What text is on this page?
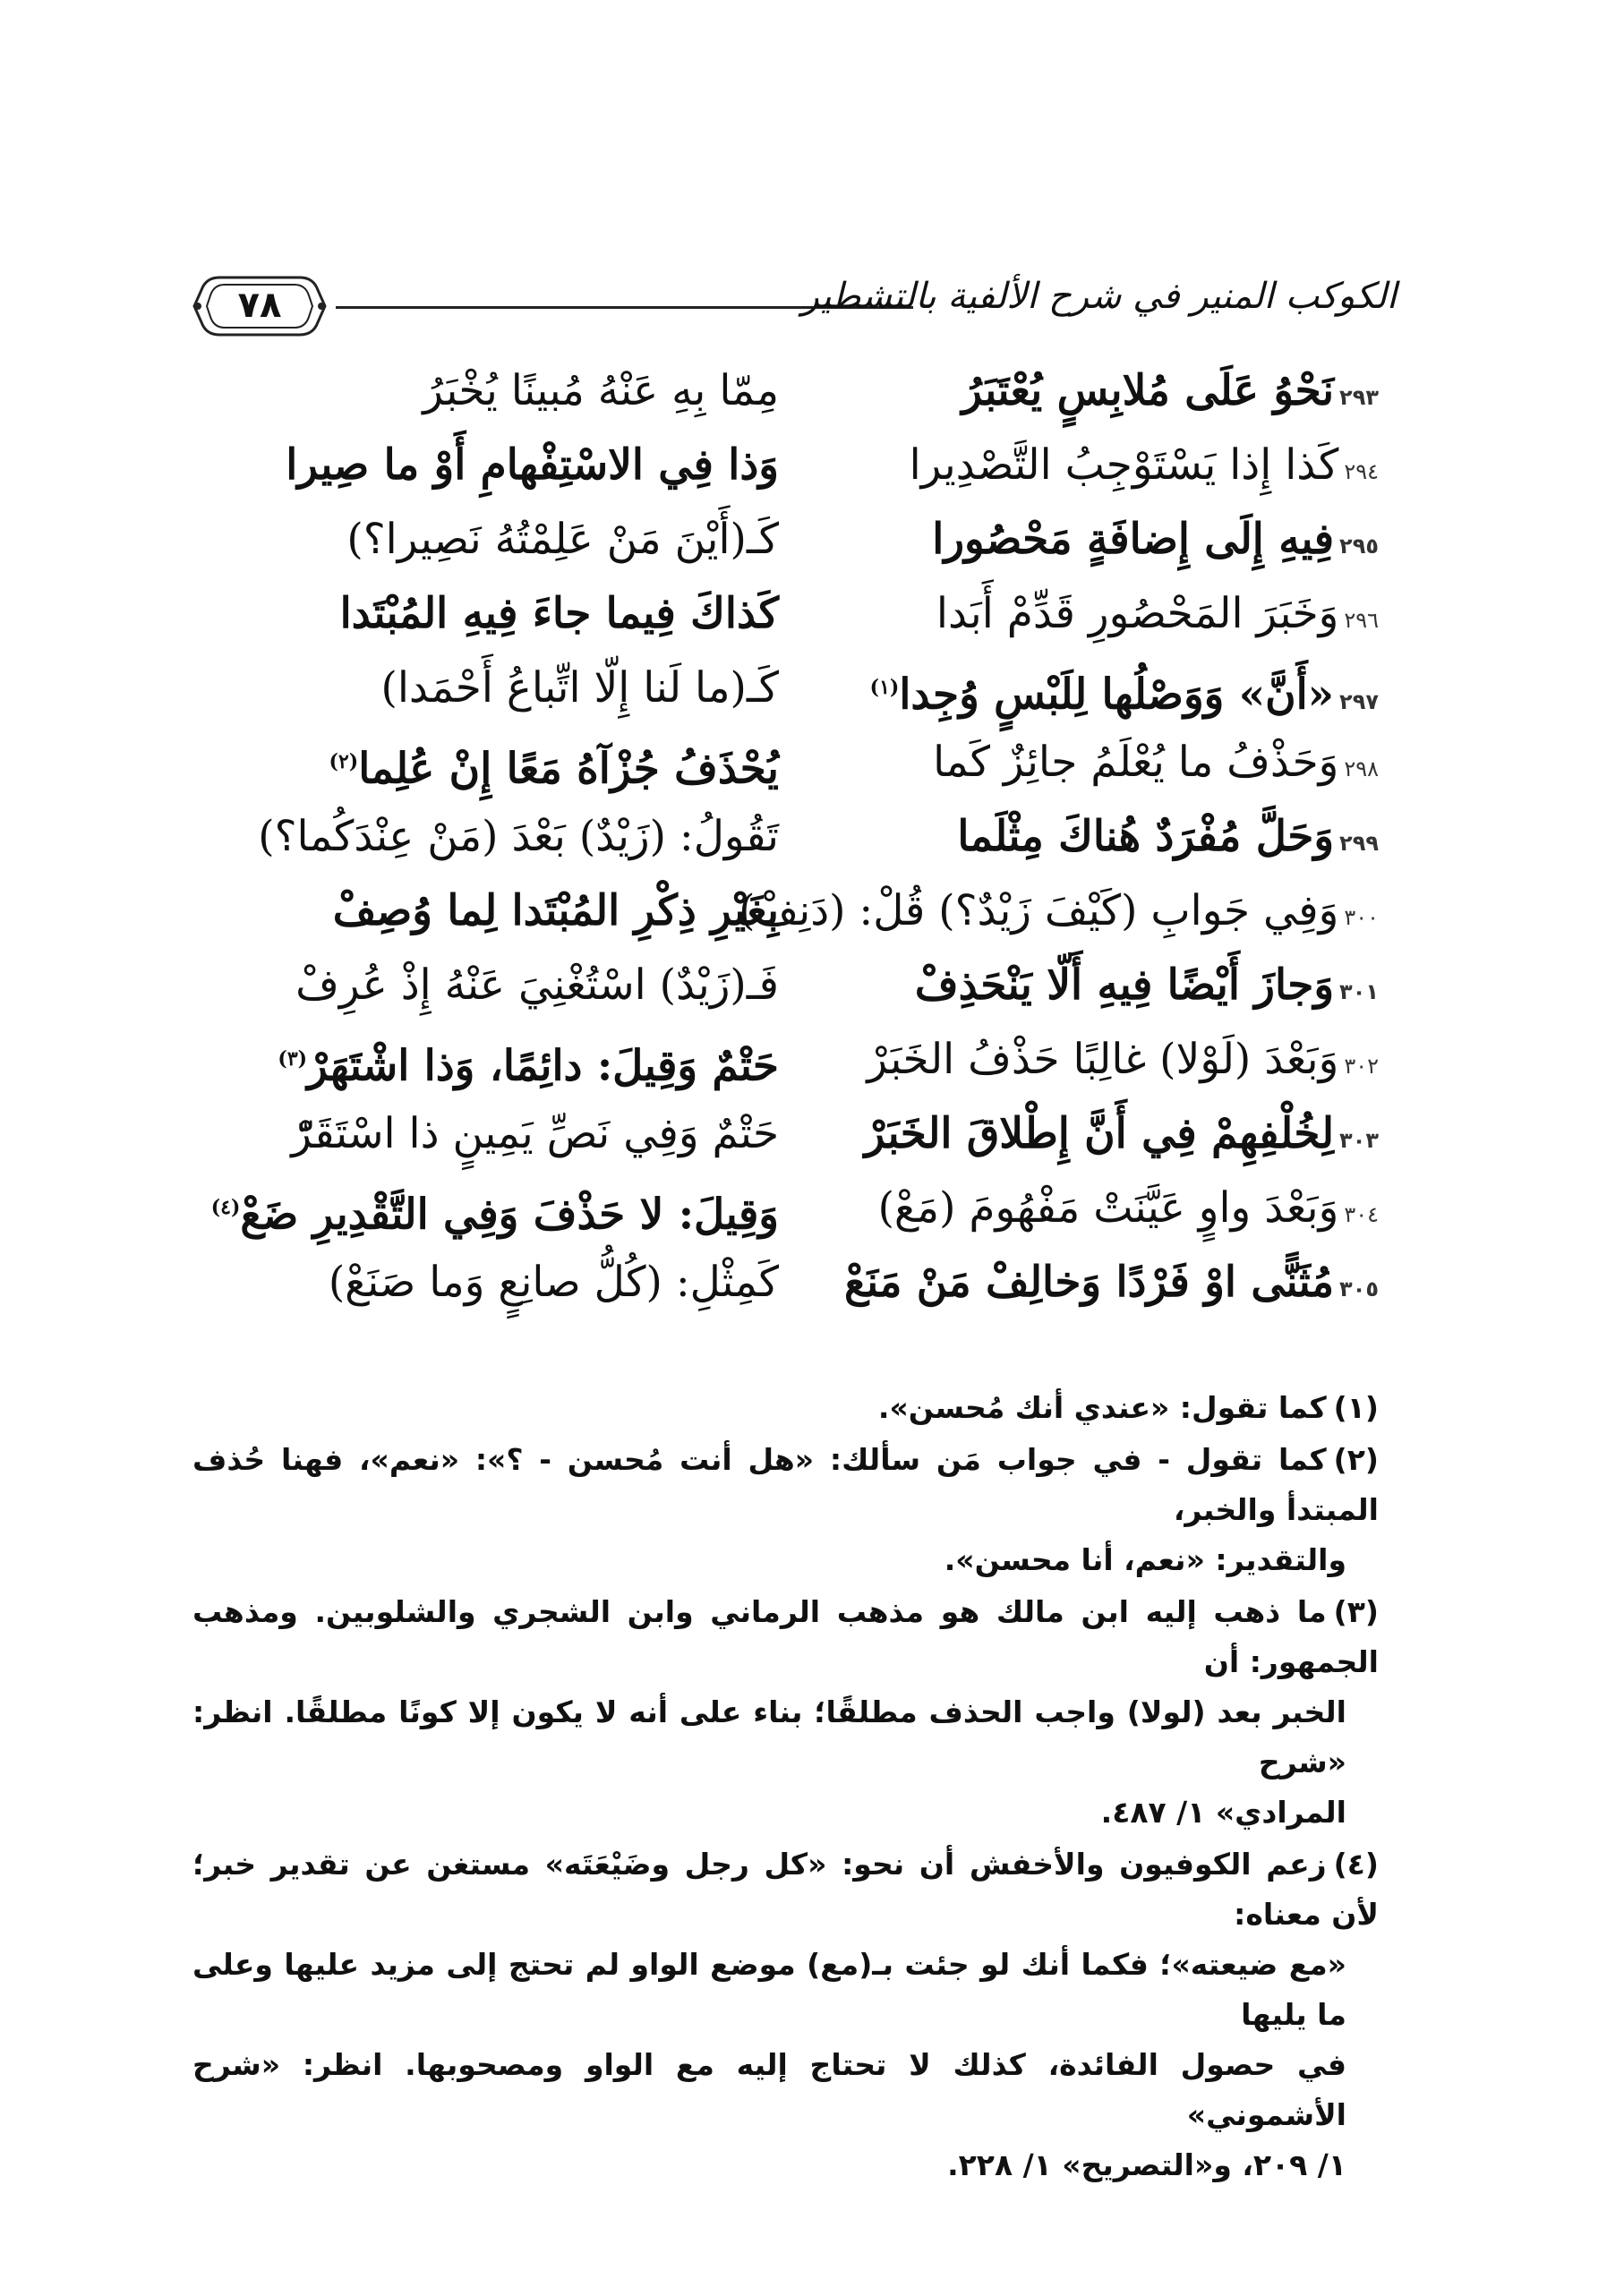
٧٨	الكوكب المنير في شرح الألفية بالتشطير
٢٩٣نَحْوُ عَلَى مُلابِسٍ يُعْتَبَرُ
مِمّا بِهِ عَنْهُ مُبينًا يُخْبَرُ
٢٩٤كَذا إِذا يَسْتَوْجِبُ التَّصْدِيرا
وَذا فِي الاسْتِفْهامِ أَوْ ما صِيرا
٢٩٥فِيهِ إِلَى إِضافَةٍ مَحْصُورا
كَـ(أَيْنَ مَنْ عَلِمْتُهُ نَصِيرا؟)
٢٩٦وَخَبَرَ المَحْصُورِ قَدِّمْ أَبَدا
كَذاكَ فِيما جاءَ فِيهِ المُبْتَدا
٢٩٧«أَنَّ» وَوَصْلُها لِلَبْسٍ وُجِدا$^{(١)}$
كَـ(ما لَنا إِلّا اتِّباعُ أَحْمَدا)
٢٩٨وَحَذْفُ ما يُعْلَمُ جائِزٌ كَما
يُحْذَفُ جُزْآهُ مَعًا إِنْ عُلِما$^{(٢)}$
٢٩٩وَحَلَّ مُفْرَدٌ هُناكَ مِثْلَما
تَقُولُ: (زَيْدٌ) بَعْدَ (مَنْ عِنْدَكُما؟)
٣٠٠وَفِي جَوابِ (كَيْفَ زَيْدٌ؟) قُلْ: (دَنِفْ)
بِغَيْرِ ذِكْرِ المُبْتَدا لِما وُصِفْ
٣٠١وَجازَ أَيْضًا فِيهِ أَلّا يَنْحَذِفْ
فَـ(زَيْدٌ) اسْتُغْنِيَ عَنْهُ إِذْ عُرِفْ
٣٠٢وَبَعْدَ (لَوْلا) غالِبًا حَذْفُ الخَبَرْ
حَتْمٌ وَقِيلَ: دائِمًا، وَذا اشْتَهَرْ$^{(٣)}$
٣٠٣لِخُلْفِهِمْ فِي أَنَّ إِطْلاقَ الخَبَرْ
حَتْمٌ وَفِي نَصِّ يَمِينٍ ذا اسْتَقَرّْ
٣٠٤وَبَعْدَ واوٍ عَيَّنَتْ مَفْهُومَ (مَعْ)
وَقِيلَ: لا حَذْفَ وَفِي التَّقْدِيرِ ضَعْ$^{(٤)}$
٣٠٥مُثَنًّى اوْ فَرْدًا وَخالِفْ مَنْ مَنَعْ
كَمِثْلِ: (كُلُّ صانِعٍ وَما صَنَعْ)
(١)كما تقول: «عندي أنك مُحسن».
(٢)كما تقول - في جواب مَن سألك: «هل أنت مُحسن - ؟»: «نعم»، فهنا حُذف المبتدأ والخبر،
والتقدير: «نعم، أنا محسن».
(٣)ما ذهب إليه ابن مالك هو مذهب الرماني وابن الشجري والشلوبين. ومذهب الجمهور: أن
الخبر بعد (لولا) واجب الحذف مطلقًا؛ بناء على أنه لا يكون إلا كونًا مطلقًا. انظر: «شرح
المرادي» ١/ ٤٨٧.
(٤)زعم الكوفيون والأخفش أن نحو: «كل رجل وضَيْعَتَه» مستغن عن تقدير خبر؛ لأن معناه:
«مع ضيعته»؛ فكما أنك لو جئت بـ(مع) موضع الواو لم تحتج إلى مزيد عليها وعلى ما يليها
في حصول الفائدة، كذلك لا تحتاج إليه مع الواو ومصحوبها. انظر: «شرح الأشموني»
١/ ٢٠٩، و«التصريح» ١/ ٢٢٨.
